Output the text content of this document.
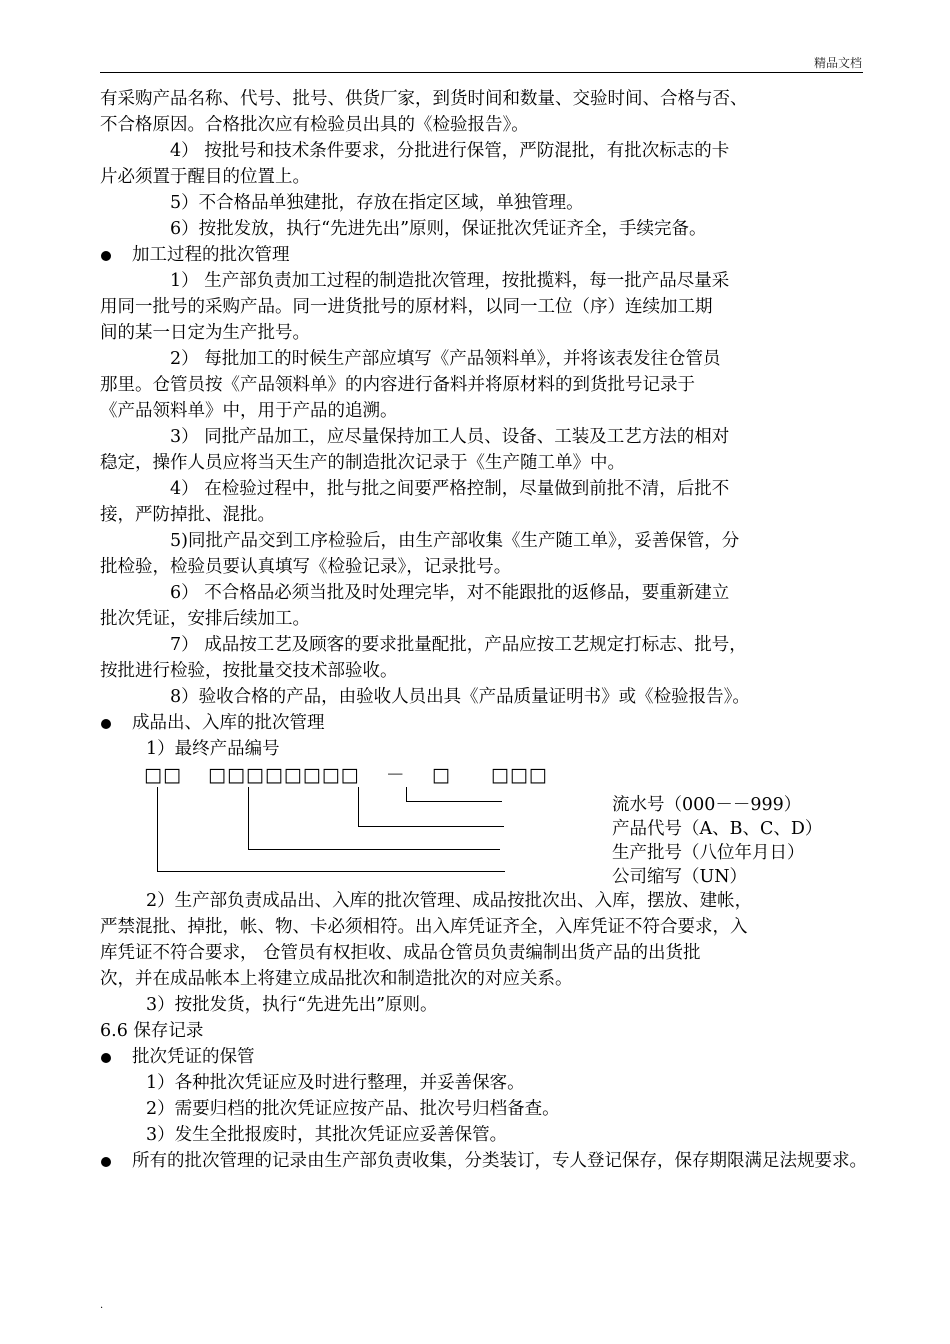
精品文档

有采购产品名称、代号、批号、供货厂家，到货时间和数量、交验时间、合格与否、

不合格原因。合格批次应有检验员出具的《检验报告》。

4） 按批号和技术条件要求，分批进行保管，严防混批，有批次标志的卡

片必须置于醒目的位置上。

5）不合格品单独建批，存放在指定区域，单独管理。

6）按批发放，执行“先进先出”原则，保证批次凭证齐全，手续完备。

加工过程的批次管理

1） 生产部负责加工过程的制造批次管理，按批揽料，每一批产品尽量采

用同一批号的采购产品。同一进货批号的原材料，以同一工位（序）连续加工期

间的某一日定为生产批号。

2） 每批加工的时候生产部应填写《产品领料单》，并将该表发往仓管员

那里。仓管员按《产品领料单》的内容进行备料并将原材料的到货批号记录于

《产品领料单》中，用于产品的追溯。

3） 同批产品加工，应尽量保持加工人员、设备、工装及工艺方法的相对

稳定，操作人员应将当天生产的制造批次记录于《生产随工单》中。

4） 在检验过程中，批与批之间要严格控制，尽量做到前批不清，后批不

接，严防掉批、混批。

5)同批产品交到工序检验后，由生产部收集《生产随工单》，妥善保管，分

批检验，检验员要认真填写《检验记录》，记录批号。

6） 不合格品必须当批及时处理完毕，对不能跟批的返修品，要重新建立

批次凭证，安排后续加工。

7） 成品按工艺及顾客的要求批量配批，产品应按工艺规定打标志、批号，

按批进行检验，按批量交技术部验收。

8）验收合格的产品，由验收人员出具《产品质量证明书》或《检验报告》。

成品出、入库的批次管理

1）最终产品编号

□□ □□□□□□□□ － □ □□□
流水号（000－－999）
产品代号（A、B、C、D）
生产批号（八位年月日）
公司缩写（UN）

2）生产部负责成品出、入库的批次管理、成品按批次出、入库，摆放、建帐，

严禁混批、掉批，帐、物、卡必须相符。出入库凭证齐全，入库凭证不符合要求，入

库凭证不符合要求， 仓管员有权拒收、成品仓管员负责编制出货产品的出货批

次，并在成品帐本上将建立成品批次和制造批次的对应关系。

3）按批发货，执行“先进先出”原则。

6.6 保存记录

批次凭证的保管

1）各种批次凭证应及时进行整理，并妥善保客。

2）需要归档的批次凭证应按产品、批次号归档备查。

3）发生全批报废时，其批次凭证应妥善保管。

所有的批次管理的记录由生产部负责收集，分类装订，专人登记保存，保存期限满足法规要求。

.
